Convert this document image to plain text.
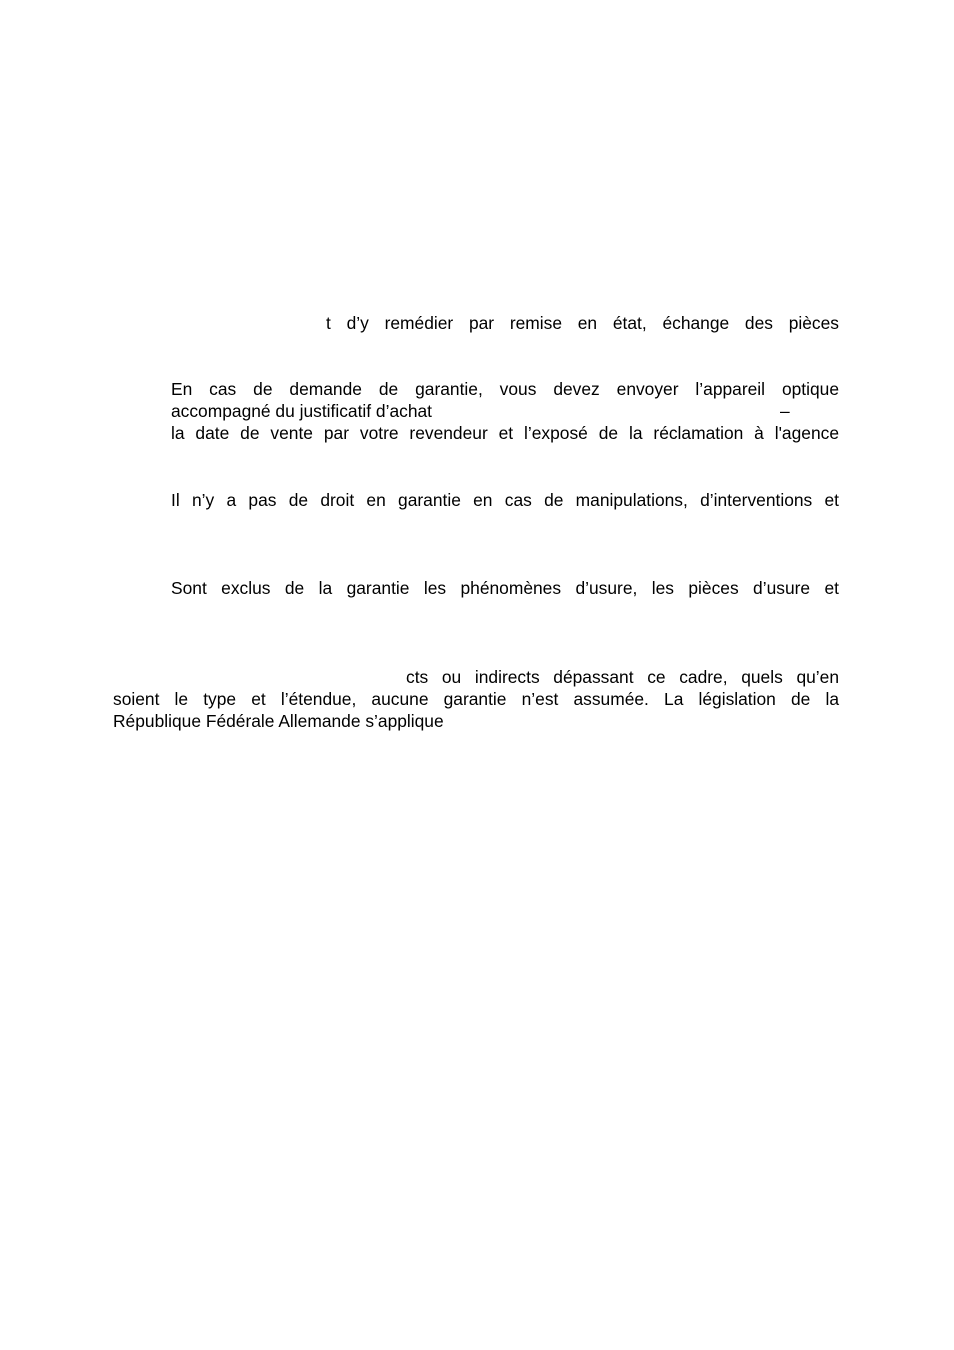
t d’y remédier par remise en état, échange des pièces
En cas de demande de garantie, vous devez envoyer l’appareil optique
accompagné du justificatif d’achat	–
la date de vente par votre revendeur et l’exposé de la réclamation à l'agence
Il n’y a pas de droit en garantie en cas de manipulations, d’interventions et
Sont exclus de la garantie les phénomènes d’usure, les pièces d’usure et
cts ou indirects dépassant ce cadre, quels qu’en
soient le type et l’étendue, aucune garantie n’est assumée. La législation de la
République Fédérale Allemande s’applique
